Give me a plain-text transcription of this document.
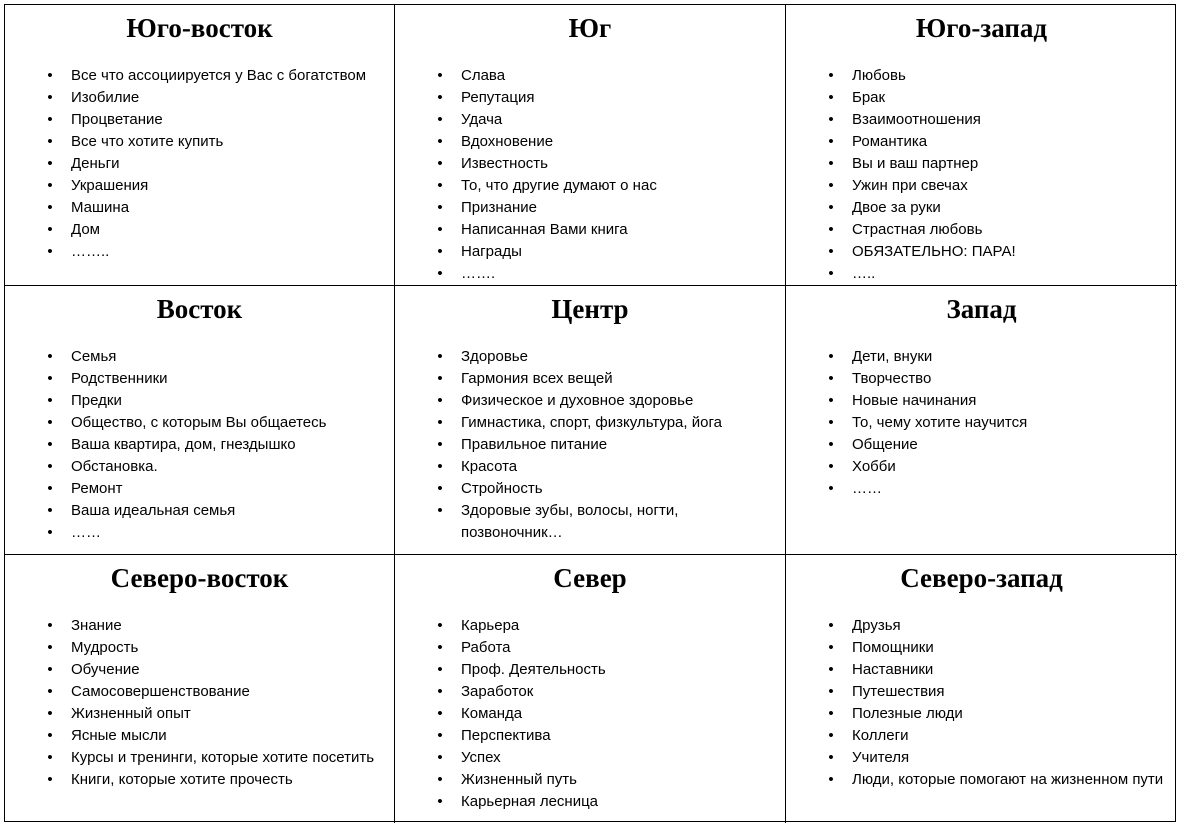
Юго-восток
• Все что ассоциируется у Вас с богатством
• Изобилие
• Процветание
• Все что хотите купить
• Деньги
• Украшения
• Машина
• Дом
• ……..
Юг
• Слава
• Репутация
• Удача
• Вдохновение
• Известность
• То, что другие думают о нас
• Признание
• Написанная Вами книга
• Награды
• …….
Юго-запад
• Любовь
• Брак
• Взаимоотношения
• Романтика
• Вы и ваш партнер
• Ужин при свечах
• Двое за руки
• Страстная любовь
• ОБЯЗАТЕЛЬНО: ПАРА!
• …..
Восток
• Семья
• Родственники
• Предки
• Общество, с которым Вы общаетесь
• Ваша квартира, дом, гнездышко
• Обстановка.
• Ремонт
• Ваша идеальная семья
• ……
Центр
• Здоровье
• Гармония всех вещей
• Физическое и духовное здоровье
• Гимнастика, спорт, физкультура, йога
• Правильное питание
• Красота
• Стройность
• Здоровые зубы, волосы, ногти, позвоночник…
Запад
• Дети, внуки
• Творчество
• Новые начинания
• То, чему хотите научится
• Общение
• Хобби
• ……
Северо-восток
• Знание
• Мудрость
• Обучение
• Самосовершенствование
• Жизненный опыт
• Ясные мысли
• Курсы и тренинги, которые хотите посетить
• Книги, которые хотите прочесть
Север
• Карьера
• Работа
• Проф. Деятельность
• Заработок
• Команда
• Перспектива
• Успех
• Жизненный путь
• Карьерная лесница
Северо-запад
• Друзья
• Помощники
• Наставники
• Путешествия
• Полезные люди
• Коллеги
• Учителя
• Люди, которые помогают на жизненном пути
